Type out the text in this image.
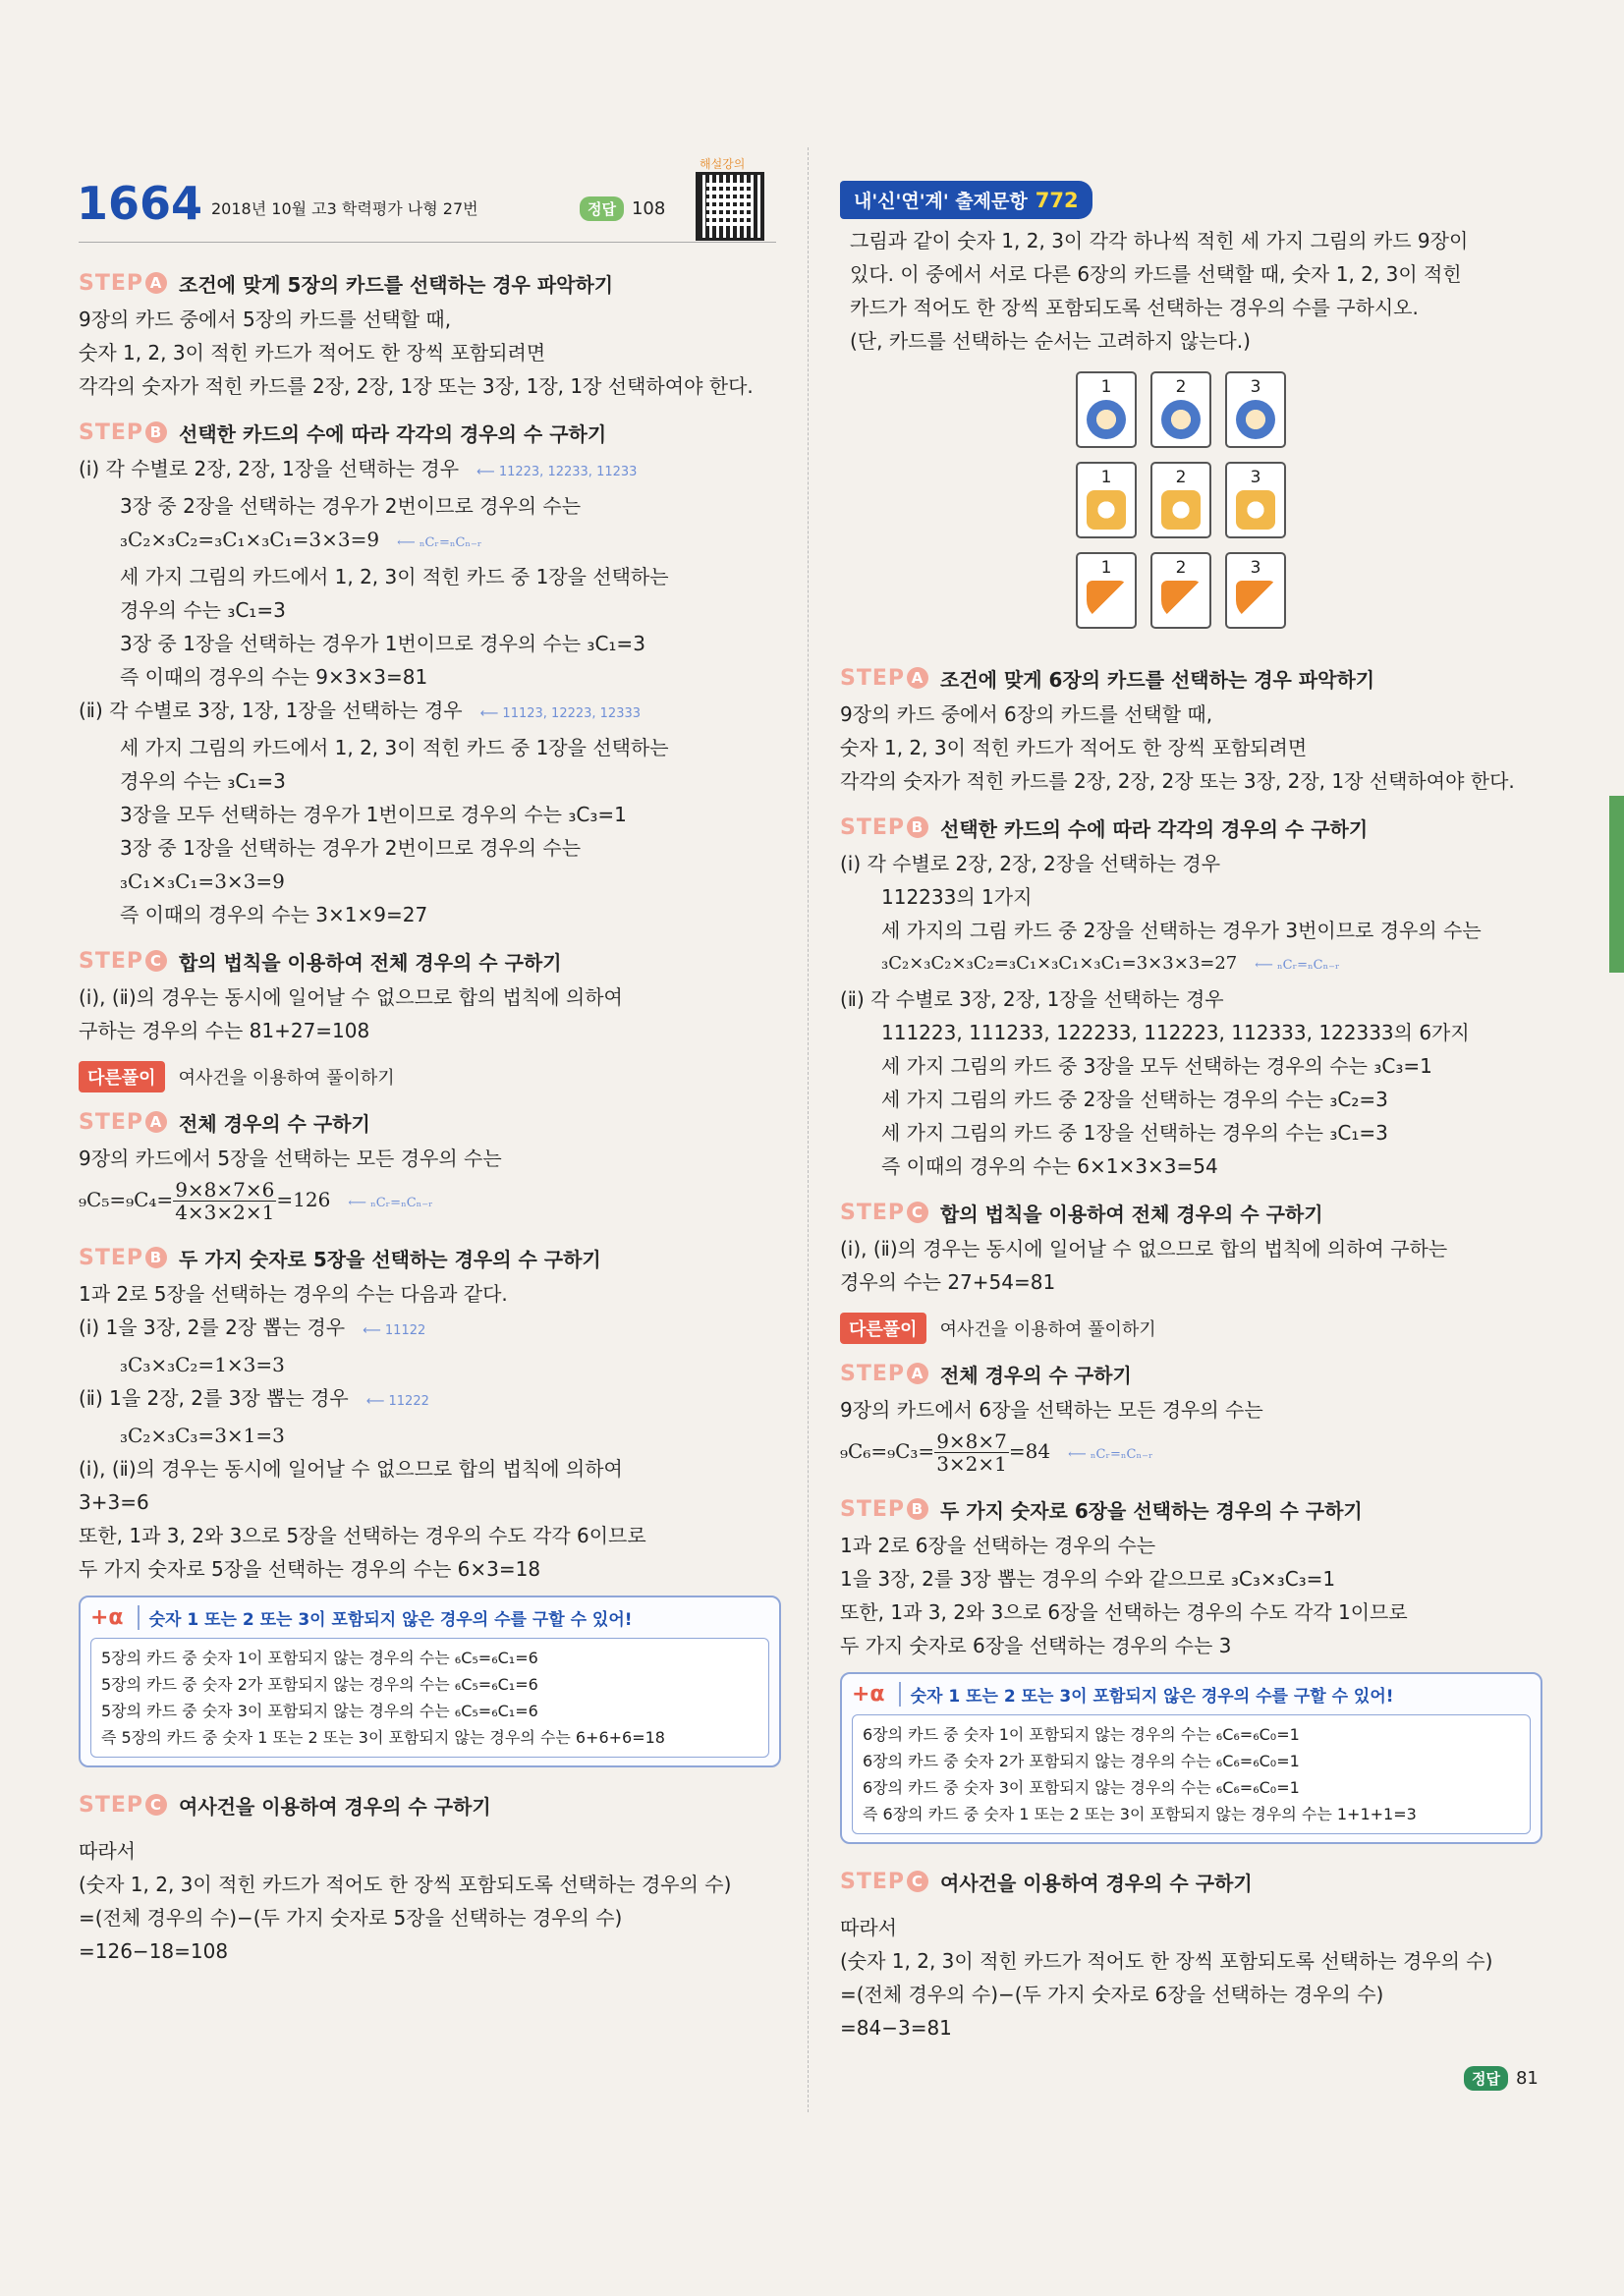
해설강의
1664 2018년 10월 고3 학력평가 나형 27번	정답 108	내'신'연'계' 출제문항 772
STEP A 조건에 맞게 5장의 카드를 선택하는 경우 파악하기
9장의 카드 중에서 5장의 카드를 선택할 때,
숫자 1, 2, 3이 적힌 카드가 적어도 한 장씩 포함되려면
각각의 숫자가 적힌 카드를 2장, 2장, 1장 또는 3장, 1장, 1장 선택하여야 한다.
STEP B 선택한 카드의 수에 따라 각각의 경우의 수 구하기
(ⅰ) 각 수별로 2장, 2장, 1장을 선택하는 경우⟵	11223, 12233, 11233
3장 중 2장을 선택하는 경우가 2번이므로 경우의 수는
₃C₂×₃C₂=₃C₁×₃C₁=3×3=9⟵	ₙCᵣ=ₙCₙ₋ᵣ
세 가지 그림의 카드에서 1, 2, 3이 적힌 카드 중 1장을 선택하는
경우의 수는 ₃C₁=3
3장 중 1장을 선택하는 경우가 1번이므로 경우의 수는 ₃C₁=3
즉 이때의 경우의 수는 9×3×3=81
(ⅱ) 각 수별로 3장, 1장, 1장을 선택하는 경우⟵	11123, 12223, 12333
세 가지 그림의 카드에서 1, 2, 3이 적힌 카드 중 1장을 선택하는
경우의 수는 ₃C₁=3
3장을 모두 선택하는 경우가 1번이므로 경우의 수는 ₃C₃=1
3장 중 1장을 선택하는 경우가 2번이므로 경우의 수는
₃C₁×₃C₁=3×3=9
즉 이때의 경우의 수는 3×1×9=27
STEP C 합의 법칙을 이용하여 전체 경우의 수 구하기
(ⅰ), (ⅱ)의 경우는 동시에 일어날 수 없으므로 합의 법칙에 의하여
구하는 경우의 수는 81+27=108
다른풀이	여사건을 이용하여 풀이하기
STEP A 전체 경우의 수 구하기
9장의 카드에서 5장을 선택하는 모든 경우의 수는
$_9C_5=_9C_4= \frac{9\times 8\times 7\times 6}{4\times 3\times 2\times 1}$ =126⟵	ₙCᵣ=ₙCₙ₋ᵣ
STEP B 두 가지 숫자로 5장을 선택하는 경우의 수 구하기
1과 2로 5장을 선택하는 경우의 수는 다음과 같다.
(ⅰ) 1을 3장, 2를 2장 뽑는 경우⟵	11122
₃C₃×₃C₂=1×3=3
(ⅱ) 1을 2장, 2를 3장 뽑는 경우⟵	11222
₃C₂×₃C₃=3×1=3
(ⅰ), (ⅱ)의 경우는 동시에 일어날 수 없으므로 합의 법칙에 의하여
3+3=6
또한, 1과 3, 2와 3으로 5장을 선택하는 경우의 수도 각각 6이므로
두 가지 숫자로 5장을 선택하는 경우의 수는 6×3=18
+α	숫자 1 또는 2 또는 3이 포함되지 않은 경우의 수를 구할 수 있어!
5장의 카드 중 숫자 1이 포함되지 않는 경우의 수는 ₆C₅=₆C₁=6
5장의 카드 중 숫자 2가 포함되지 않는 경우의 수는 ₆C₅=₆C₁=6
5장의 카드 중 숫자 3이 포함되지 않는 경우의 수는 ₆C₅=₆C₁=6
즉 5장의 카드 중 숫자 1 또는 2 또는 3이 포함되지 않는 경우의 수는 6+6+6=18
STEP C 여사건을 이용하여 경우의 수 구하기
따라서
(숫자 1, 2, 3이 적힌 카드가 적어도 한 장씩 포함되도록 선택하는 경우의 수)
=(전체 경우의 수)−(두 가지 숫자로 5장을 선택하는 경우의 수)
=126−18=108
그림과 같이 숫자 1, 2, 3이 각각 하나씩 적힌 세 가지 그림의 카드 9장이
있다. 이 중에서 서로 다른 6장의 카드를 선택할 때, 숫자 1, 2, 3이 적힌
카드가 적어도 한 장씩 포함되도록 선택하는 경우의 수를 구하시오.
(단, 카드를 선택하는 순서는 고려하지 않는다.)
1	2	3
1	2	3
1	2	3
STEP A 조건에 맞게 6장의 카드를 선택하는 경우 파악하기
9장의 카드 중에서 6장의 카드를 선택할 때,
숫자 1, 2, 3이 적힌 카드가 적어도 한 장씩 포함되려면
각각의 숫자가 적힌 카드를 2장, 2장, 2장 또는 3장, 2장, 1장 선택하여야 한다.
STEP B 선택한 카드의 수에 따라 각각의 경우의 수 구하기
(ⅰ) 각 수별로 2장, 2장, 2장을 선택하는 경우
112233의 1가지
세 가지의 그림 카드 중 2장을 선택하는 경우가 3번이므로 경우의 수는
₃C₂×₃C₂×₃C₂=₃C₁×₃C₁×₃C₁=3×3×3=27⟵	ₙCᵣ=ₙCₙ₋ᵣ
(ⅱ) 각 수별로 3장, 2장, 1장을 선택하는 경우
111223, 111233, 122233, 112223, 112333, 122333의 6가지
세 가지 그림의 카드 중 3장을 모두 선택하는 경우의 수는 ₃C₃=1
세 가지 그림의 카드 중 2장을 선택하는 경우의 수는 ₃C₂=3
세 가지 그림의 카드 중 1장을 선택하는 경우의 수는 ₃C₁=3
즉 이때의 경우의 수는 6×1×3×3=54
STEP C 합의 법칙을 이용하여 전체 경우의 수 구하기
(ⅰ), (ⅱ)의 경우는 동시에 일어날 수 없으므로 합의 법칙에 의하여 구하는
경우의 수는 27+54=81
다른풀이	여사건을 이용하여 풀이하기
STEP A 전체 경우의 수 구하기
9장의 카드에서 6장을 선택하는 모든 경우의 수는
$_9C_6=_9C_3= \frac{9\times 8\times 7}{3\times 2\times 1}$ =84⟵	ₙCᵣ=ₙCₙ₋ᵣ
STEP B 두 가지 숫자로 6장을 선택하는 경우의 수 구하기
1과 2로 6장을 선택하는 경우의 수는
1을 3장, 2를 3장 뽑는 경우의 수와 같으므로 ₃C₃×₃C₃=1
또한, 1과 3, 2와 3으로 6장을 선택하는 경우의 수도 각각 1이므로
두 가지 숫자로 6장을 선택하는 경우의 수는 3
+α	숫자 1 또는 2 또는 3이 포함되지 않은 경우의 수를 구할 수 있어!
6장의 카드 중 숫자 1이 포함되지 않는 경우의 수는 ₆C₆=₆C₀=1
6장의 카드 중 숫자 2가 포함되지 않는 경우의 수는 ₆C₆=₆C₀=1
6장의 카드 중 숫자 3이 포함되지 않는 경우의 수는 ₆C₆=₆C₀=1
즉 6장의 카드 중 숫자 1 또는 2 또는 3이 포함되지 않는 경우의 수는 1+1+1=3
STEP C 여사건을 이용하여 경우의 수 구하기
따라서
(숫자 1, 2, 3이 적힌 카드가 적어도 한 장씩 포함되도록 선택하는 경우의 수)
=(전체 경우의 수)−(두 가지 숫자로 6장을 선택하는 경우의 수)
=84−3=81
정답 81
